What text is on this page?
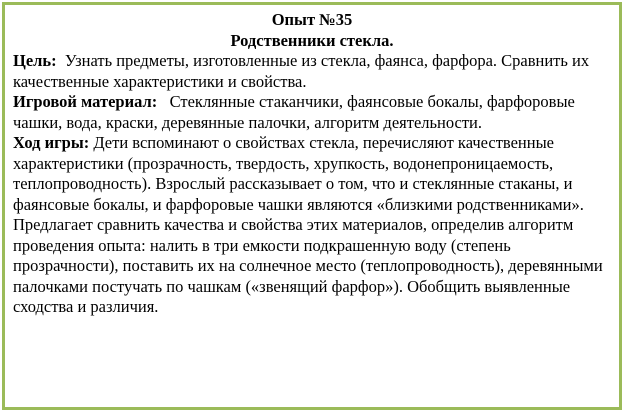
Опыт №35

Родственники стекла.

Цель: Узнать предметы, изготовленные из стекла, фаянса, фарфора. Сравнить их качественные характеристики и свойства.

Игровой материал: Стеклянные стаканчики, фаянсовые бокалы, фарфоровые чашки, вода, краски, деревянные палочки, алгоритм деятельности.

Ход игры: Дети вспоминают о свойствах стекла, перечисляют качественные характеристики (прозрачность, твердость, хрупкость, водонепроницаемость, теплопроводность). Взрослый рассказывает о том, что и стеклянные стаканы, и фаянсовые бокалы, и фарфоровые чашки являются «близкими родственниками». Предлагает сравнить качества и свойства этих материалов, определив алгоритм проведения опыта: налить в три емкости подкрашенную воду (степень прозрачности), поставить их на солнечное место (теплопроводность), деревянными палочками постучать по чашкам («звенящий фарфор»). Обобщить выявленные сходства и различия.
